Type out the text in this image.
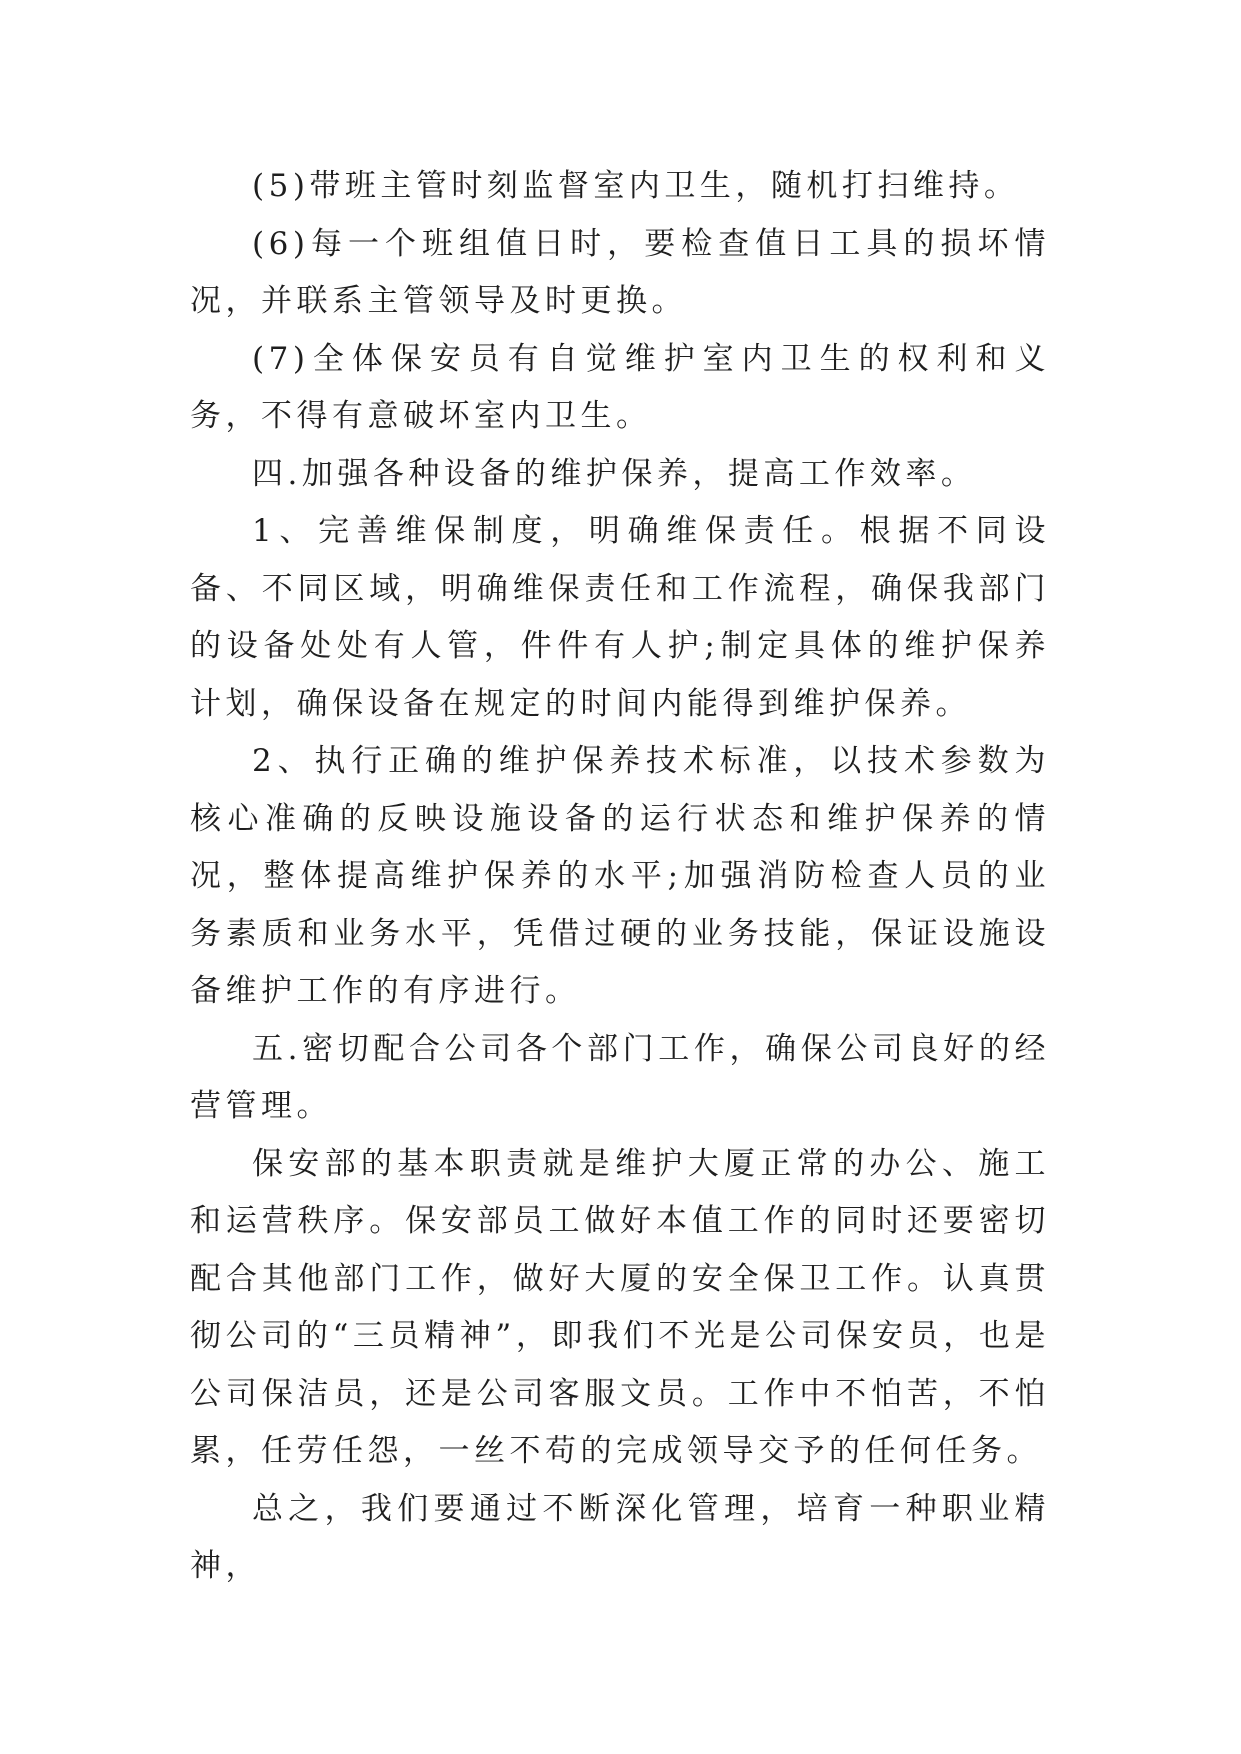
(5)带班主管时刻监督室内卫生，随机打扫维持。

(6)每一个班组值日时，要检查值日工具的损坏情况，并联系主管领导及时更换。

(7)全体保安员有自觉维护室内卫生的权利和义务，不得有意破坏室内卫生。

四.加强各种设备的维护保养，提高工作效率。

1、完善维保制度，明确维保责任。根据不同设备、不同区域，明确维保责任和工作流程，确保我部门的设备处处有人管，件件有人护;制定具体的维护保养计划，确保设备在规定的时间内能得到维护保养。

2、执行正确的维护保养技术标准，以技术参数为核心准确的反映设施设备的运行状态和维护保养的情况，整体提高维护保养的水平;加强消防检查人员的业务素质和业务水平，凭借过硬的业务技能，保证设施设备维护工作的有序进行。

五.密切配合公司各个部门工作，确保公司良好的经营管理。

保安部的基本职责就是维护大厦正常的办公、施工和运营秩序。保安部员工做好本值工作的同时还要密切配合其他部门工作，做好大厦的安全保卫工作。认真贯彻公司的“三员精神”，即我们不光是公司保安员，也是公司保洁员，还是公司客服文员。工作中不怕苦，不怕累，任劳任怨，一丝不苟的完成领导交予的任何任务。

总之，我们要通过不断深化管理，培育一种职业精神，
